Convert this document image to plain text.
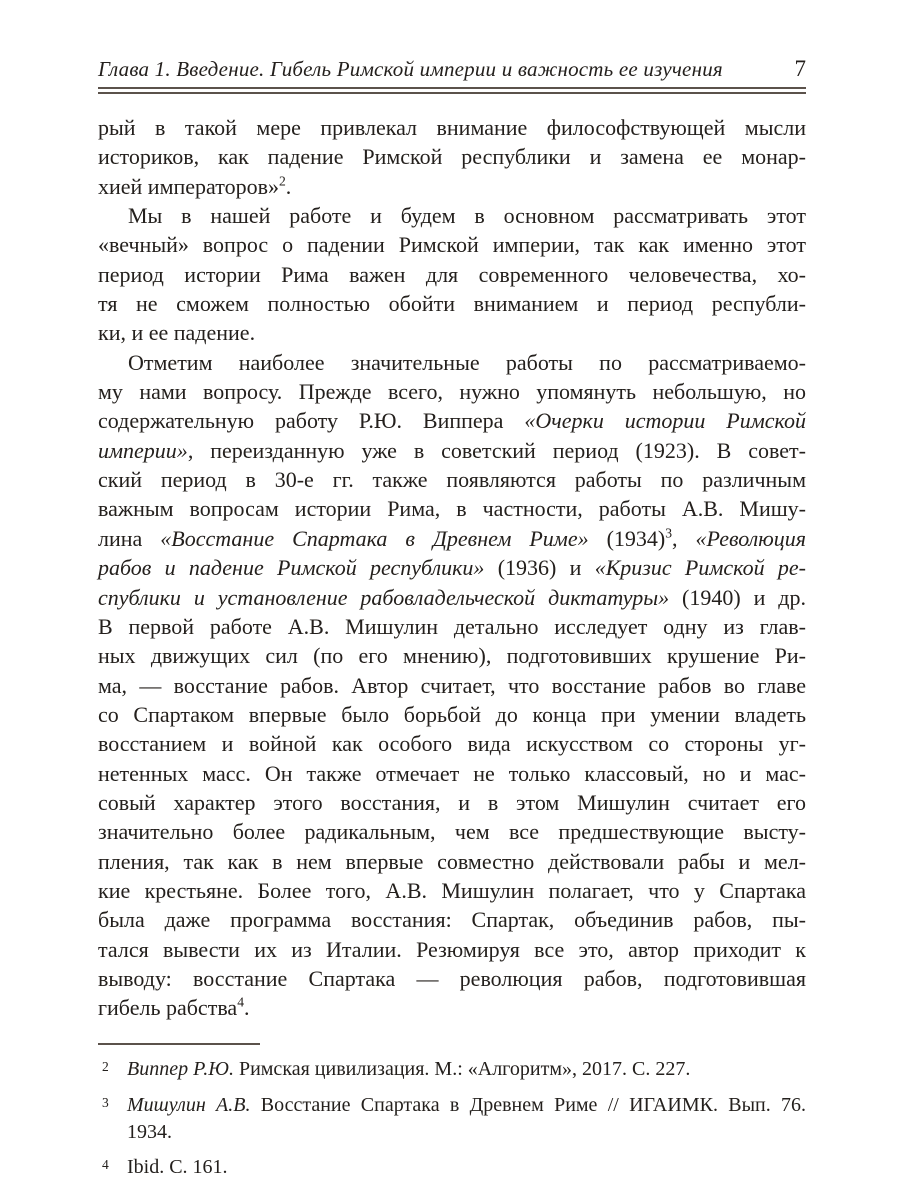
Глава 1. Введение. Гибель Римской империи и важность ее изучения	7
рый в такой мере привлекал внимание философствующей мысли
историков, как падение Римской республики и замена ее монар-
хией императоров»$^2$.
Мы в нашей работе и будем в основном рассматривать этот
«вечный» вопрос о падении Римской империи, так как именно этот
период истории Рима важен для современного человечества, хо-
тя не сможем полностью обойти вниманием и период республи-
ки, и ее падение.
Отметим наиболее значительные работы по рассматриваемо-
му нами вопросу. Прежде всего, нужно упомянуть небольшую, но
содержательную работу Р.Ю. Виппера «Очерки истории Римской
империи», переизданную уже в советский период (1923). В совет-
ский период в 30-е гг. также появляются работы по различным
важным вопросам истории Рима, в частности, работы А.В. Мишу-
лина «Восстание Спартака в Древнем Риме» $(1934)^3$, «Революция
рабов и падение Римской республики» (1936) и «Кризис Римской ре-
спублики и установление рабовладельческой диктатуры» (1940) и др.
В первой работе А.В. Мишулин детально исследует одну из глав-
ных движущих сил (по его мнению), подготовивших крушение Ри-
ма, — восстание рабов. Автор считает, что восстание рабов во главе
со Спартаком впервые было борьбой до конца при умении владеть
восстанием и войной как особого вида искусством со стороны уг-
нетенных масс. Он также отмечает не только классовый, но и мас-
совый характер этого восстания, и в этом Мишулин считает его
значительно более радикальным, чем все предшествующие высту-
пления, так как в нем впервые совместно действовали рабы и мел-
кие крестьяне. Более того, А.В. Мишулин полагает, что у Спартака
была даже программа восстания: Спартак, объединив рабов, пы-
тался вывести их из Италии. Резюмируя все это, автор приходит к
выводу: восстание Спартака — революция рабов, подготовившая
гибель рабства$^4$.
$^2$ Виппер Р.Ю. Римская цивилизация. М.: «Алгоритм», 2017. С. 227.
$^3$ Мишулин А.В. Восстание Спартака в Древнем Риме // ИГАИМК. Вып. 76.
1934.
$^4$ Ibid. С. 161.
